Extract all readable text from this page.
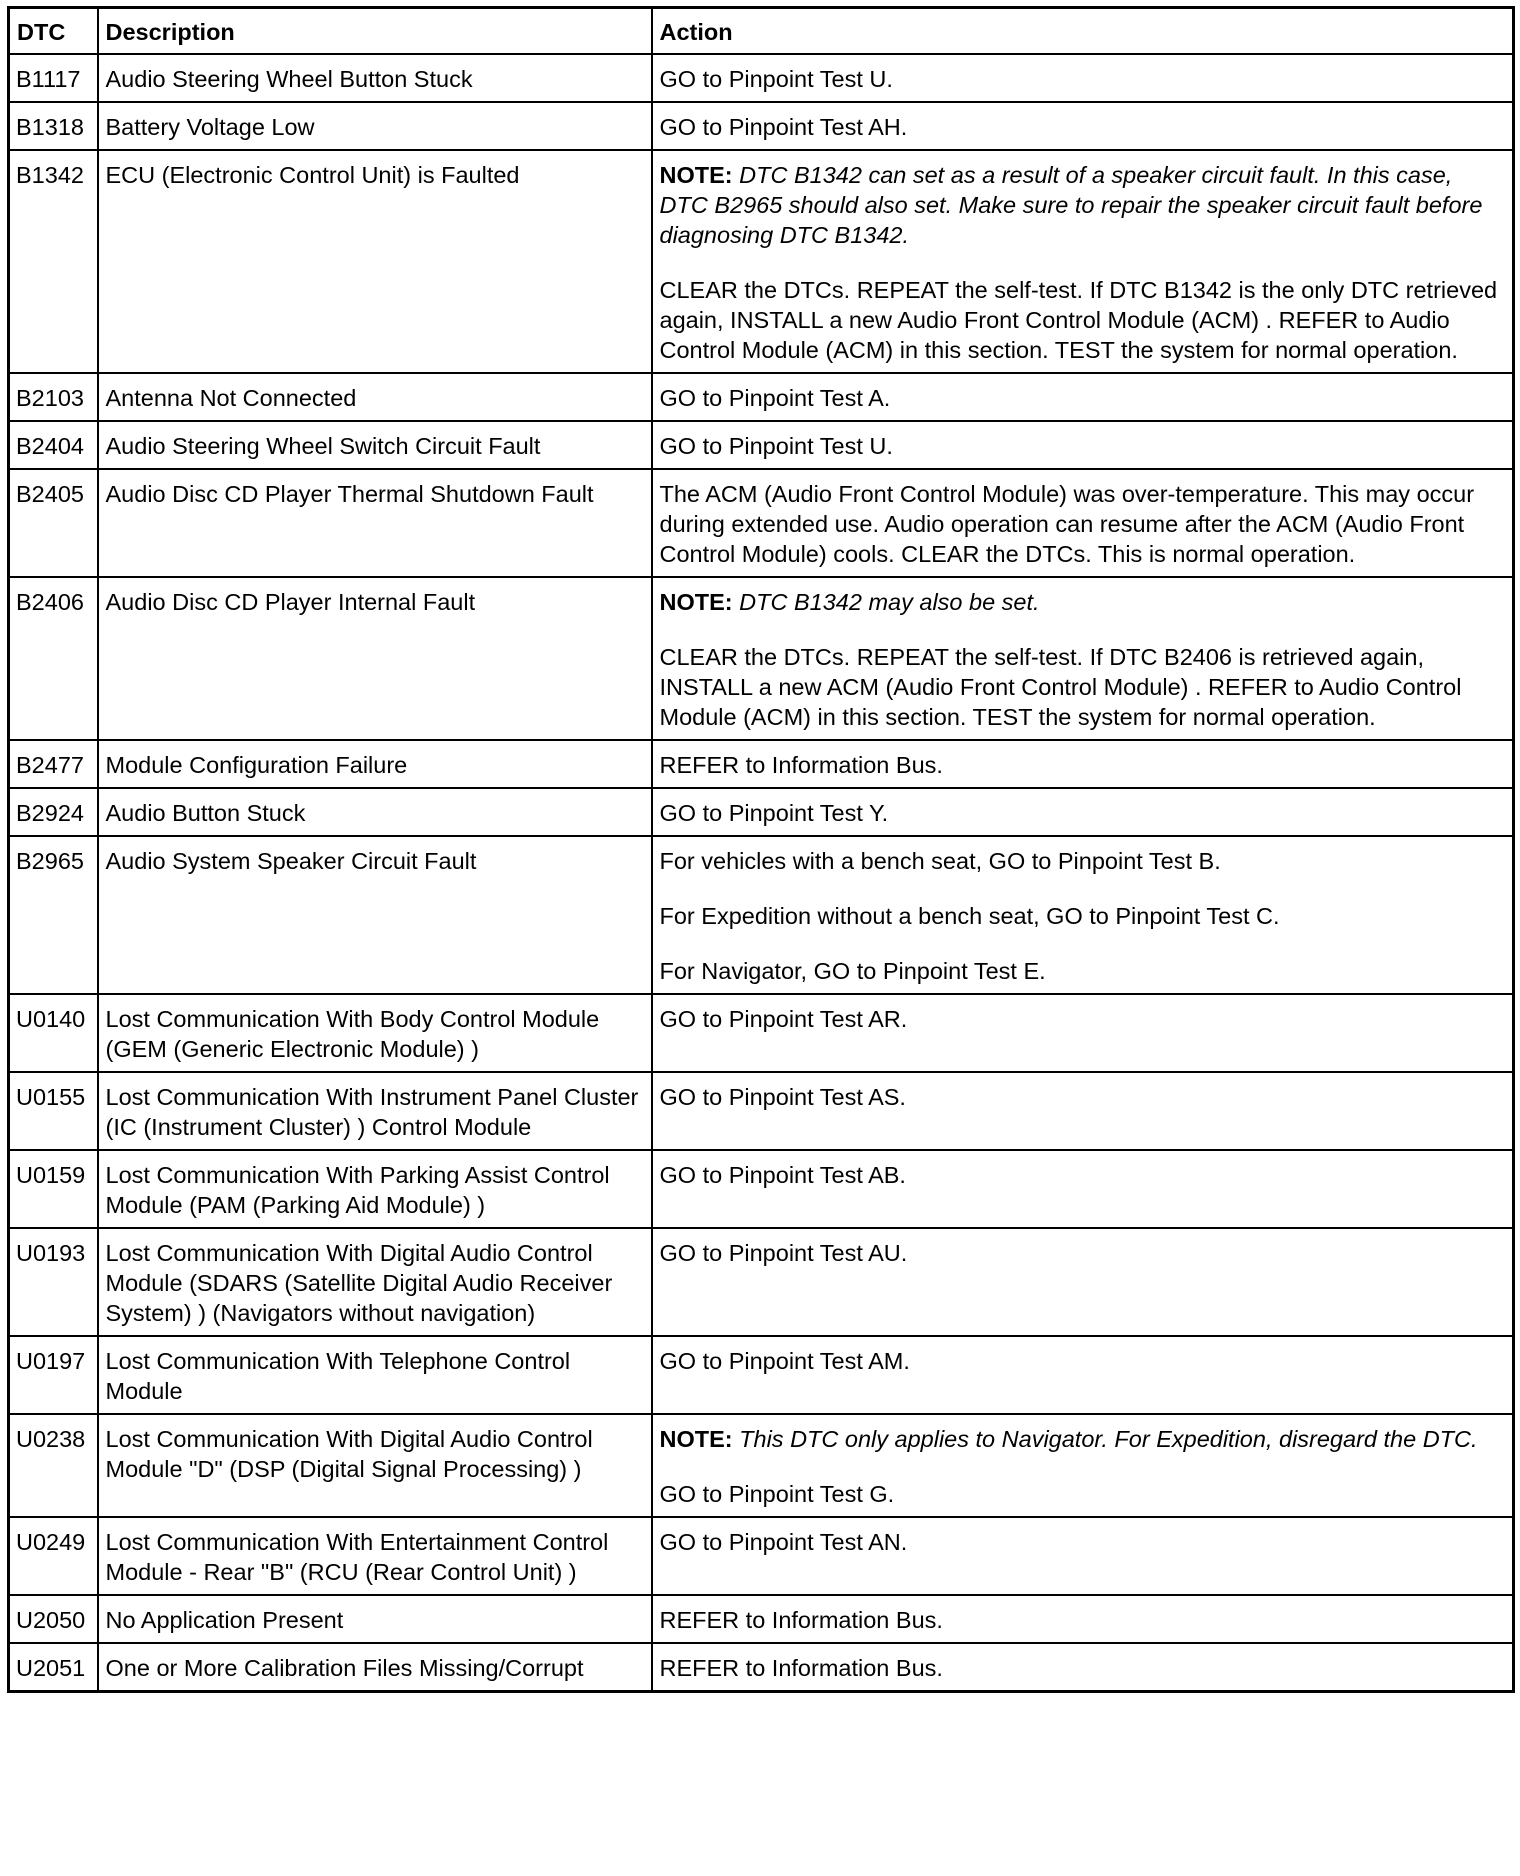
DTC	Description	Action
B1117	Audio Steering Wheel Button Stuck	GO to Pinpoint Test U.

B1318	Battery Voltage Low	GO to Pinpoint Test AH.

B1342	ECU (Electronic Control Unit) is Faulted	NOTE: DTC B1342 can set as a result of a speaker circuit fault. In this case, DTC B2965 should also set. Make sure to repair the speaker circuit fault before diagnosing DTC B1342.

CLEAR the DTCs. REPEAT the self-test. If DTC B1342 is the only DTC retrieved again, INSTALL a new Audio Front Control Module (ACM) . REFER to Audio Control Module (ACM) in this section. TEST the system for normal operation.

B2103	Antenna Not Connected	GO to Pinpoint Test A.

B2404	Audio Steering Wheel Switch Circuit Fault	GO to Pinpoint Test U.

B2405	Audio Disc CD Player Thermal Shutdown Fault	The ACM (Audio Front Control Module) was over-temperature. This may occur during extended use. Audio operation can resume after the ACM (Audio Front Control Module) cools. CLEAR the DTCs. This is normal operation.

B2406	Audio Disc CD Player Internal Fault	NOTE: DTC B1342 may also be set.

CLEAR the DTCs. REPEAT the self-test. If DTC B2406 is retrieved again, INSTALL a new ACM (Audio Front Control Module) . REFER to Audio Control Module (ACM) in this section. TEST the system for normal operation.

B2477	Module Configuration Failure	REFER to Information Bus.

B2924	Audio Button Stuck	GO to Pinpoint Test Y.

B2965	Audio System Speaker Circuit Fault	For vehicles with a bench seat, GO to Pinpoint Test B.

For Expedition without a bench seat, GO to Pinpoint Test C.

For Navigator, GO to Pinpoint Test E.

U0140	Lost Communication With Body Control Module (GEM (Generic Electronic Module) )	GO to Pinpoint Test AR.

U0155	Lost Communication With Instrument Panel Cluster (IC (Instrument Cluster) ) Control Module	GO to Pinpoint Test AS.

U0159	Lost Communication With Parking Assist Control Module (PAM (Parking Aid Module) )	GO to Pinpoint Test AB.

U0193	Lost Communication With Digital Audio Control Module (SDARS (Satellite Digital Audio Receiver System) ) (Navigators without navigation)	GO to Pinpoint Test AU.

U0197	Lost Communication With Telephone Control Module	GO to Pinpoint Test AM.

U0238	Lost Communication With Digital Audio Control Module "D" (DSP (Digital Signal Processing) )	NOTE: This DTC only applies to Navigator. For Expedition, disregard the DTC.

GO to Pinpoint Test G.

U0249	Lost Communication With Entertainment Control Module - Rear "B" (RCU (Rear Control Unit) )	GO to Pinpoint Test AN.

U2050	No Application Present	REFER to Information Bus.

U2051	One or More Calibration Files Missing/Corrupt	REFER to Information Bus.
